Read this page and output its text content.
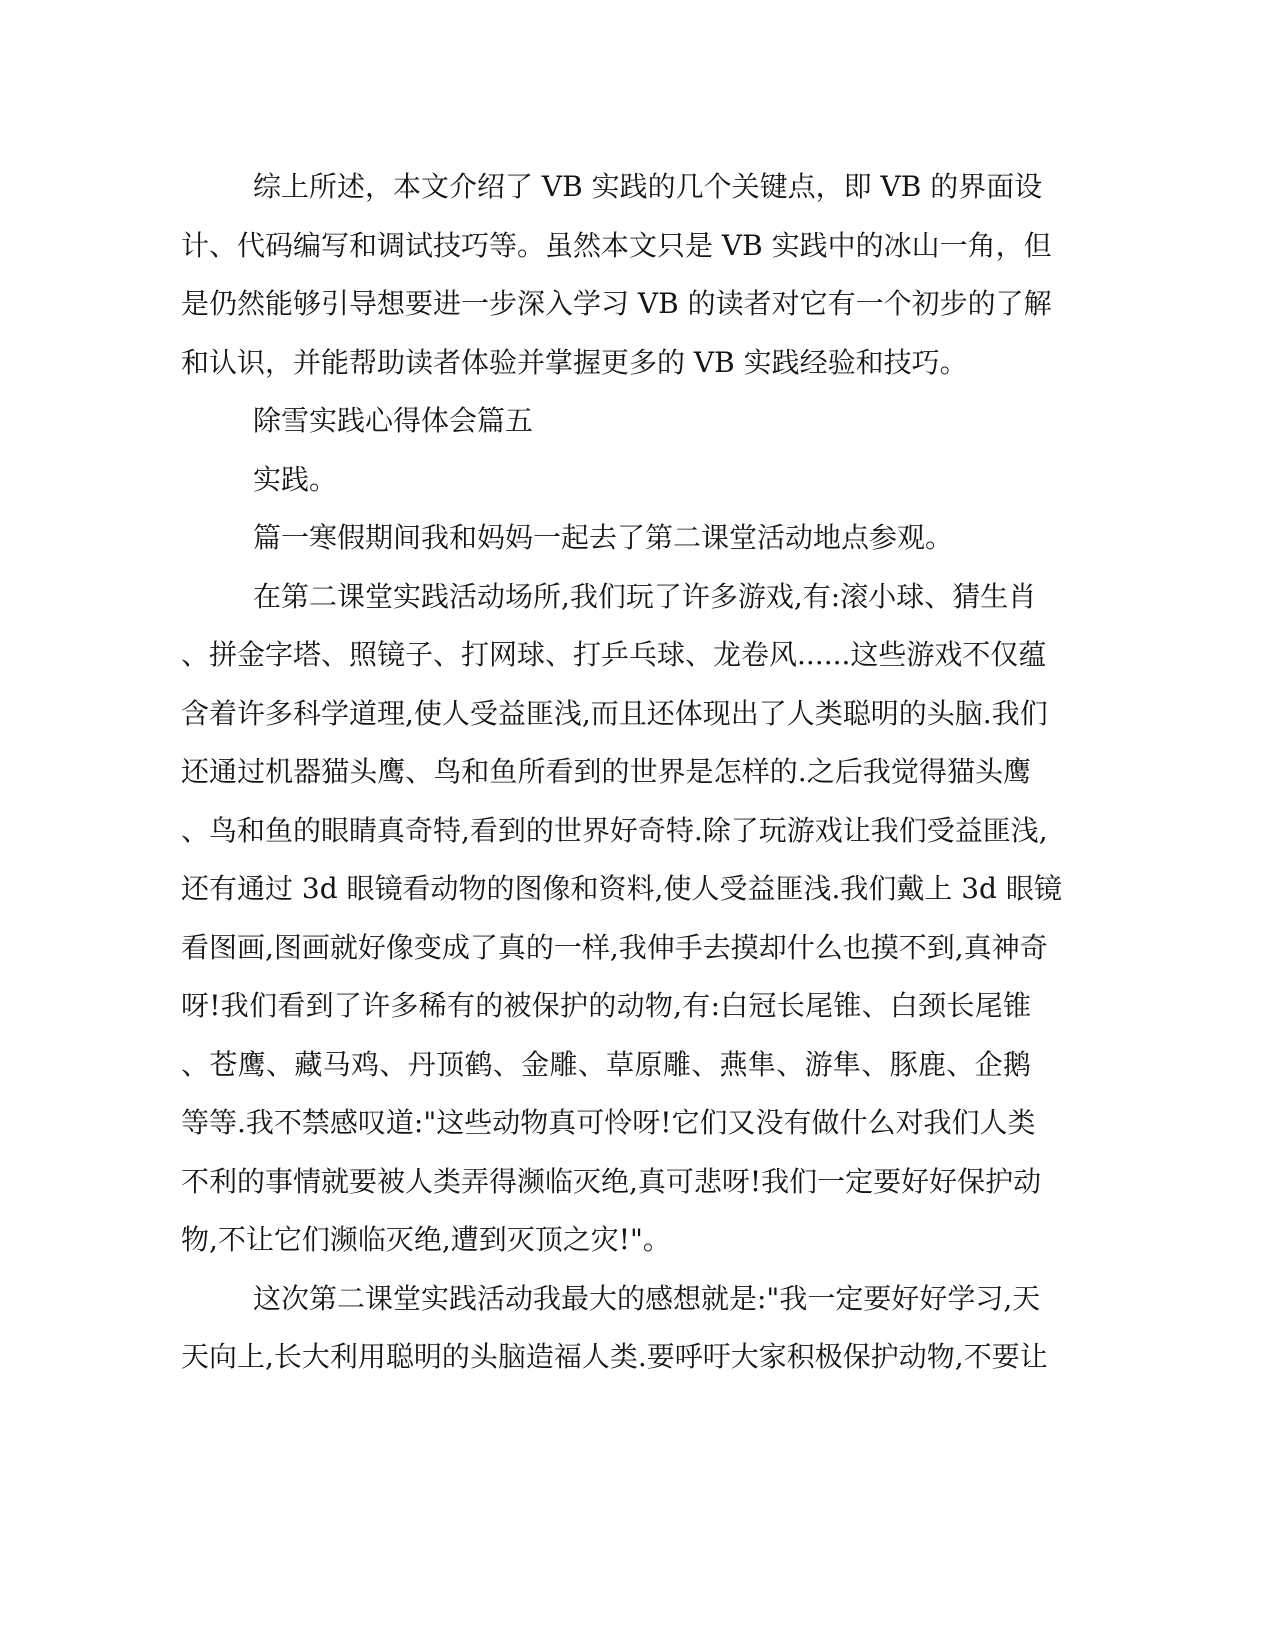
综上所述，本文介绍了 VB 实践的几个关键点，即 VB 的界面设
计、代码编写和调试技巧等。虽然本文只是 VB 实践中的冰山一角，但
是仍然能够引导想要进一步深入学习 VB 的读者对它有一个初步的了解
和认识，并能帮助读者体验并掌握更多的 VB 实践经验和技巧。
除雪实践心得体会篇五
实践。
篇一寒假期间我和妈妈一起去了第二课堂活动地点参观。
在第二课堂实践活动场所,我们玩了许多游戏,有:滚小球、猜生肖
、拼金字塔、照镜子、打网球、打乒乓球、龙卷风......这些游戏不仅蕴
含着许多科学道理,使人受益匪浅,而且还体现出了人类聪明的头脑.我们
还通过机器猫头鹰、鸟和鱼所看到的世界是怎样的.之后我觉得猫头鹰
、鸟和鱼的眼睛真奇特,看到的世界好奇特.除了玩游戏让我们受益匪浅,
还有通过 3d 眼镜看动物的图像和资料,使人受益匪浅.我们戴上 3d 眼镜
看图画,图画就好像变成了真的一样,我伸手去摸却什么也摸不到,真神奇
呀!我们看到了许多稀有的被保护的动物,有:白冠长尾锥、白颈长尾锥
、苍鹰、藏马鸡、丹顶鹤、金雕、草原雕、燕隼、游隼、豚鹿、企鹅
等等.我不禁感叹道:"这些动物真可怜呀!它们又没有做什么对我们人类
不利的事情就要被人类弄得濒临灭绝,真可悲呀!我们一定要好好保护动
物,不让它们濒临灭绝,遭到灭顶之灾!"。
这次第二课堂实践活动我最大的感想就是:"我一定要好好学习,天
天向上,长大利用聪明的头脑造福人类.要呼吁大家积极保护动物,不要让
